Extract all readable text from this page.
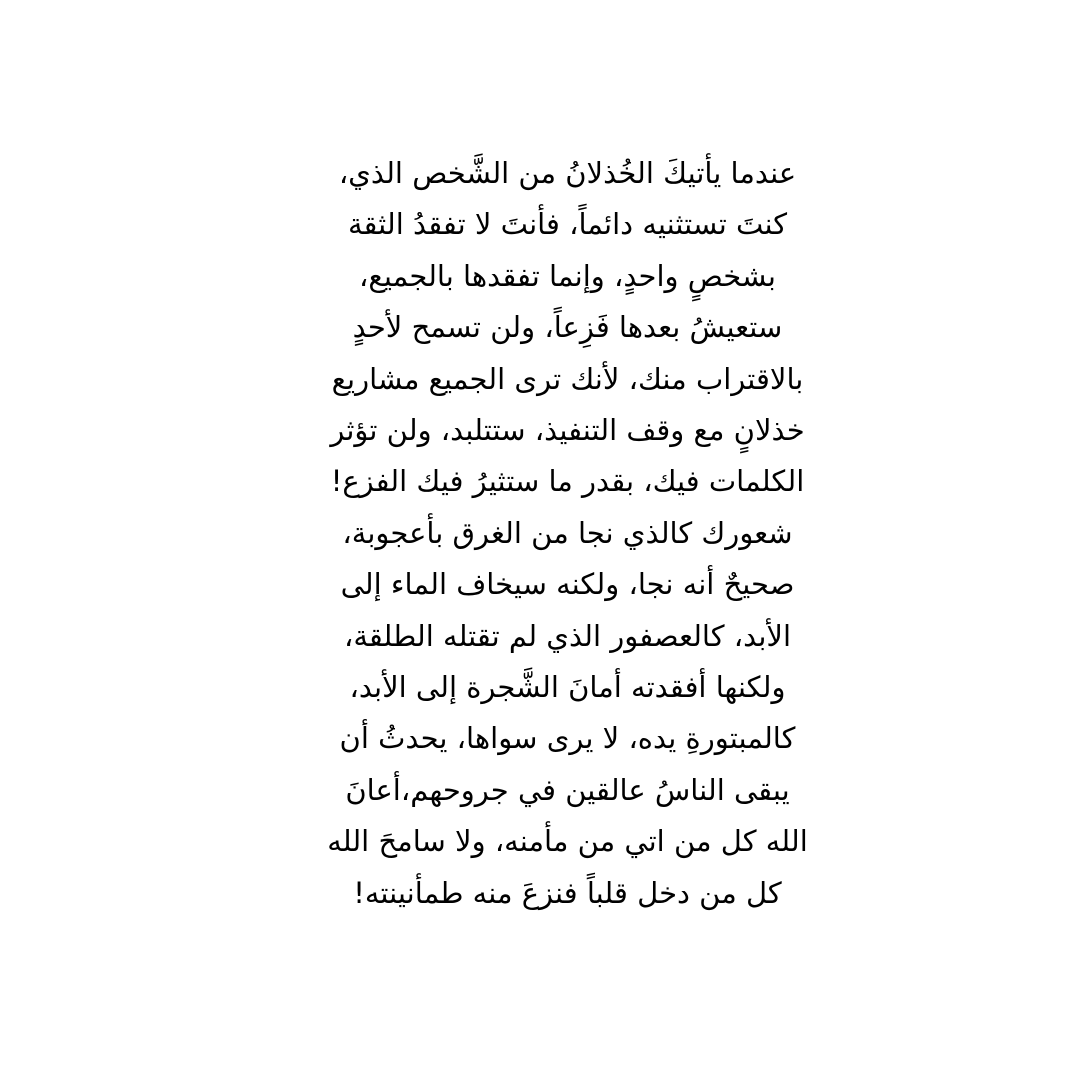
عندما يأتيكَ الخُذلانُ من الشَّخص الذي،
كنتَ تستثنيه دائماً، فأنتَ لا تفقدُ الثقة
بشخصٍ واحدٍ، وإنما تفقدها بالجميع،
ستعيشُ بعدها فَزِعاً، ولن تسمح لأحدٍ
بالاقتراب منك، لأنك ترى الجميع مشاريع
خذلانٍ مع وقف التنفيذ، ستتلبد، ولن تؤثر
الكلمات فيك، بقدر ما ستثيرُ فيك الفزع!
شعورك كالذي نجا من الغرق بأعجوبة،
صحيحٌ أنه نجا، ولكنه سيخاف الماء إلى
الأبد، كالعصفور الذي لم تقتله الطلقة،
ولكنها أفقدته أمانَ الشَّجرة إلى الأبد،
كالمبتورةِ يده، لا يرى سواها، يحدثُ أن
يبقى الناسُ عالقين في جروحهم،أعانَ
الله كل من اتي من مأمنه، ولا سامحَ الله
كل من دخل قلباً فنزعَ منه طمأنينته!
